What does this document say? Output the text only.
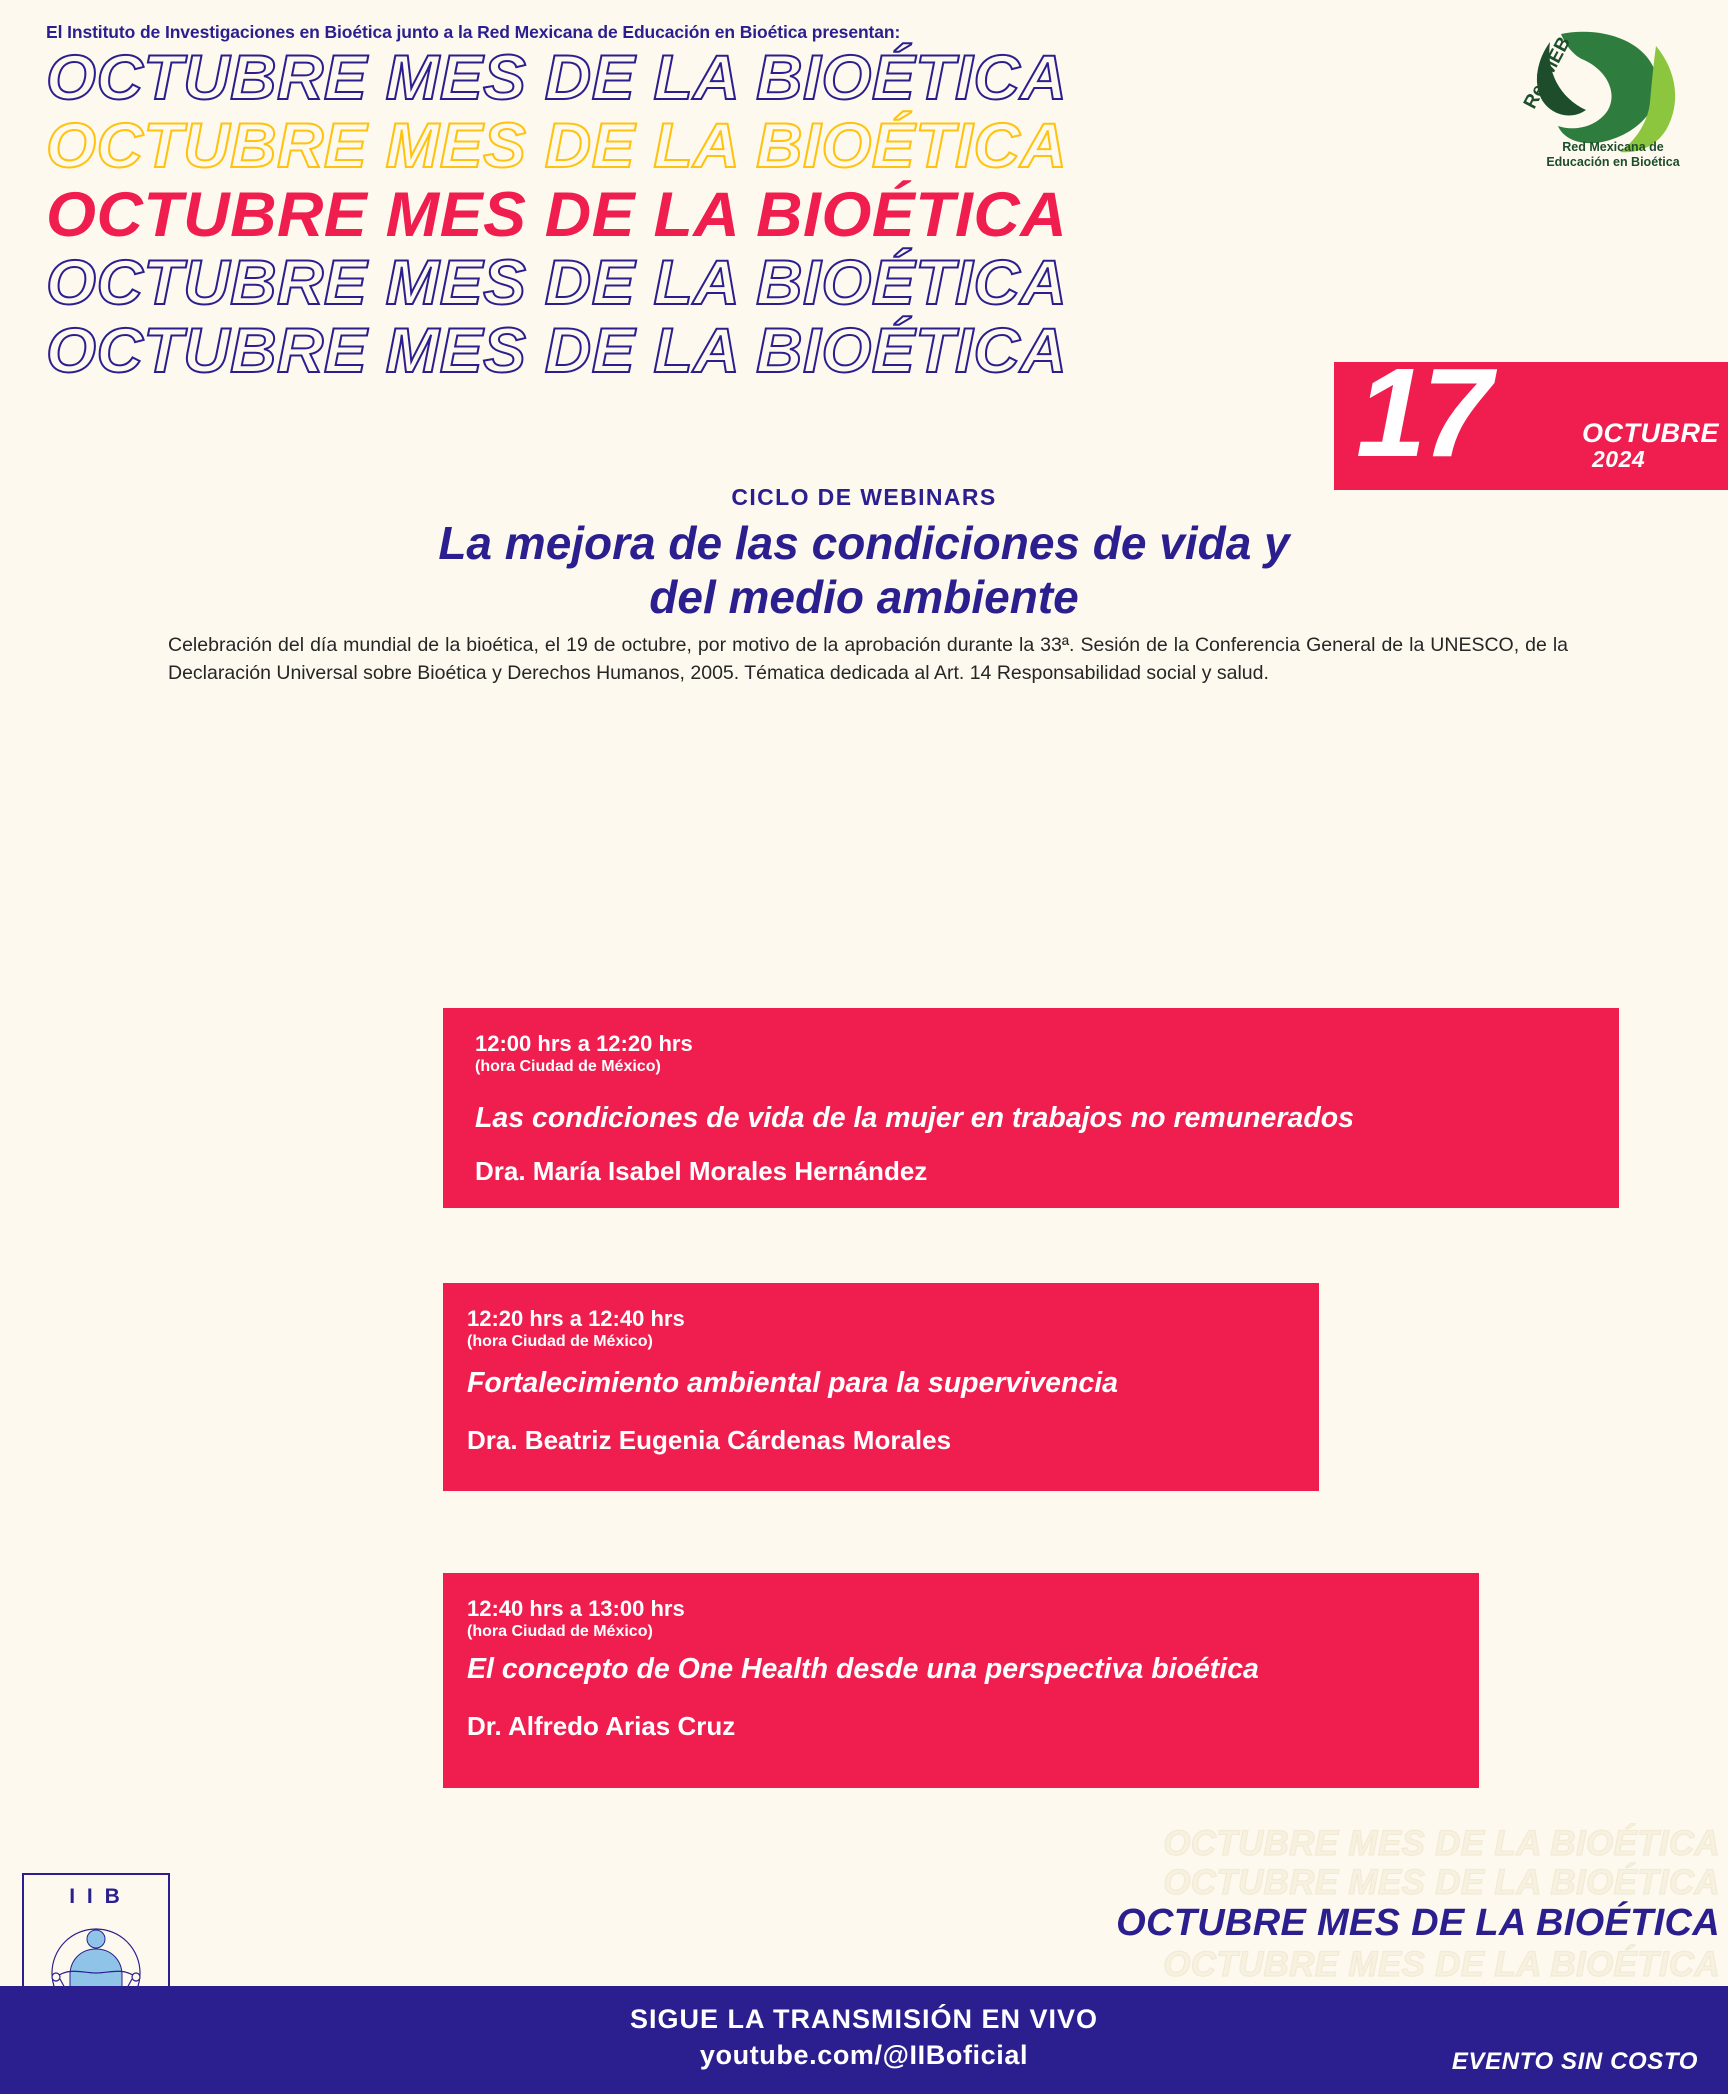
El Instituto de Investigaciones en Bioética junto a la Red Mexicana de Educación en Bioética presentan:
OCTUBRE MES DE LA BIOÉTICA
OCTUBRE MES DE LA BIOÉTICA
OCTUBRE MES DE LA BIOÉTICA
OCTUBRE MES DE LA BIOÉTICA
OCTUBRE MES DE LA BIOÉTICA
RedMEB
Red Mexicana de Educación en Bioética
17	OCTUBRE
2024
CICLO DE WEBINARS
La mejora de las condiciones de vida y
del medio ambiente
Celebración del día mundial de la bioética, el 19 de octubre, por motivo de la aprobación durante la 33ª. Sesión de la Conferencia General de la UNESCO, de la Declaración Universal sobre Bioética y Derechos Humanos, 2005. Tématica dedicada al Art. 14 Responsabilidad social y salud.
12:00 hrs a 12:20 hrs
(hora Ciudad de México)
Las condiciones de vida de la mujer en trabajos no remunerados
Dra. María Isabel Morales Hernández
12:20 hrs a 12:40 hrs
(hora Ciudad de México)
Fortalecimiento ambiental para la supervivencia
Dra. Beatriz Eugenia Cárdenas Morales
12:40 hrs a 13:00 hrs
(hora Ciudad de México)
El concepto de One Health desde una perspectiva bioética
Dr. Alfredo Arias Cruz
OCTUBRE MES DE LA BIOÉTICA
OCTUBRE MES DE LA BIOÉTICA
OCTUBRE MES DE LA BIOÉTICA
OCTUBRE MES DE LA BIOÉTICA
I I B
SIGUE LA TRANSMISIÓN EN VIVO
youtube.com/@IIBoficial	EVENTO SIN COSTO
